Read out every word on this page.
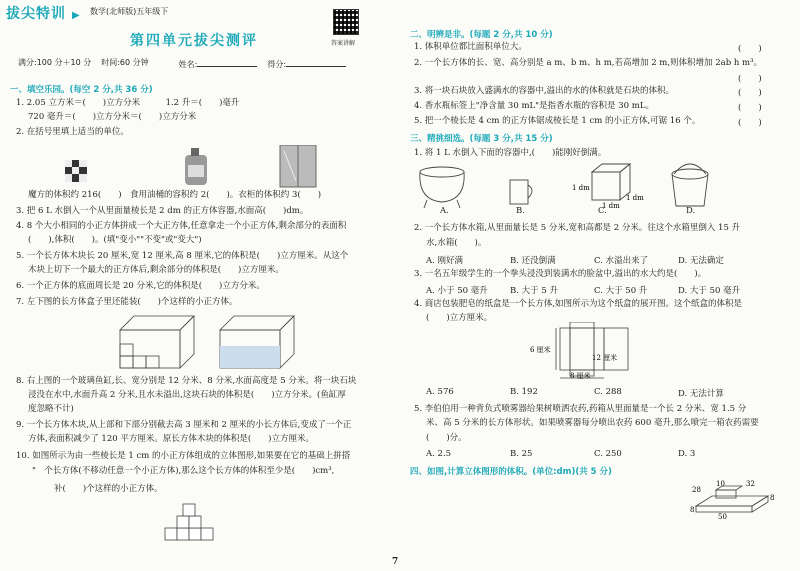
拔尖特训 ▶ 数学(北师版)五年级下
答案讲解
第四单元拔尖测评
满分:100 分＋10 分 时间:60 分钟	姓名:	得分:
一、填空乐园。(每空 2 分,共 36 分)
1. 2.05 立方米＝(　　)立方分米　　　1.2 升＝(　　)毫升
720 毫升＝(　　)立方分米＝(　　)立方分米
2. 在括号里填上适当的单位。
魔方的体积约 216(　　)　食用油桶的容积约 2(　　)。衣柜的体积约 3(　　)
3. 把 6 L 水倒入一个从里面量棱长是 2 dm 的正方体容器,水面高(　　)dm。
4. 8 个大小相同的小正方体拼成一个大正方体,任意拿走一个小正方体,剩余部分的表面积
(　　),体积(　　)。(填"变小""不变"或"变大")
5. 一个长方体木块长 20 厘米,宽 12 厘米,高 8 厘米,它的体积是(　　)立方厘米。从这个
木块上切下一个最大的正方体后,剩余部分的体积是(　　)立方厘米。
6. 一个正方体的底面周长是 20 分米,它的体积是(　　)立方分米。
7. 左下图的长方体盒子里还能装(　　)个这样的小正方体。
8. 右上图的一个玻璃鱼缸,长、宽分别是 12 分米、8 分米,水面高度是 5 分米。将一块石块
浸没在水中,水面升高 2 分米,且水未溢出,这块石块的体积是(　　)立方分米。(鱼缸厚
度忽略不计)
9. 一个长方体木块,从上部和下部分别截去高 3 厘米和 2 厘米的小长方体后,变成了一个正
方体,表面积减少了 120 平方厘米。原长方体木块的体积是(　　)立方厘米。
10. 如图所示为由一些棱长是 1 cm 的小正方体组成的立体图形,如果要在它的基础上拼搭
"　个长方体(不移动任意一个小正方体),那么这个长方体的体积至少是(　　)cm³,
补(　　)个这样的小正方体。
二、明辨是非。(每题 2 分,共 10 分)
1. 体积单位都比面积单位大。	(　　)
2. 一个长方体的长、宽、高分别是 a m、b m、h m,若高增加 2 m,则体积增加 2ab h m³。
(　　)
3. 将一块石块放入盛满水的容器中,溢出的水的体积就是石块的体积。	(　　)
4. 香水瓶标签上"净含量 30 mL"是指香水瓶的容积是 30 mL。	(　　)
5. 把一个棱长是 4 cm 的正方体锯成棱长是 1 cm 的小正方体,可锯 16 个。	(　　)
三、精挑细选。(每题 3 分,共 15 分)
1. 将 1 L 水倒入下面的容器中,(　　)能刚好倒满。
1 dm
1 dm
1 dm
A.	B.	C.	D.
2. 一个长方体水箱,从里面量长是 5 分米,宽和高都是 2 分米。往这个水箱里倒入 15 升
水,水箱(　　)。
A. 刚好满	B. 还没倒满	C. 水溢出来了	D. 无法确定
3. 一名五年级学生的一个拳头浸没到装满水的脸盆中,溢出的水大约是(　　)。
A. 小于 50 毫升	B. 大于 5 升	C. 大于 50 升	D. 大于 50 毫升
4. 商店包装肥皂的纸盒是一个长方体,如图所示为这个纸盒的展开图。这个纸盒的体积是
(　　)立方厘米。
6 厘米
12 厘米
8 厘米
A. 576	B. 192	C. 288	D. 无法计算
5. 李伯伯用一种背负式喷雾器给果树喷洒农药,药箱从里面量是一个长 2 分米、宽 1.5 分
米、高 5 分米的长方体形状。如果喷雾器每分喷出农药 600 毫升,那么喷完一箱农药需要
(　　)分。
A. 2.5	B. 25	C. 250	D. 3
四、如图,计算立体图形的体积。(单位:dm)(共 5 分)
10	32
28
8
50
8
7
